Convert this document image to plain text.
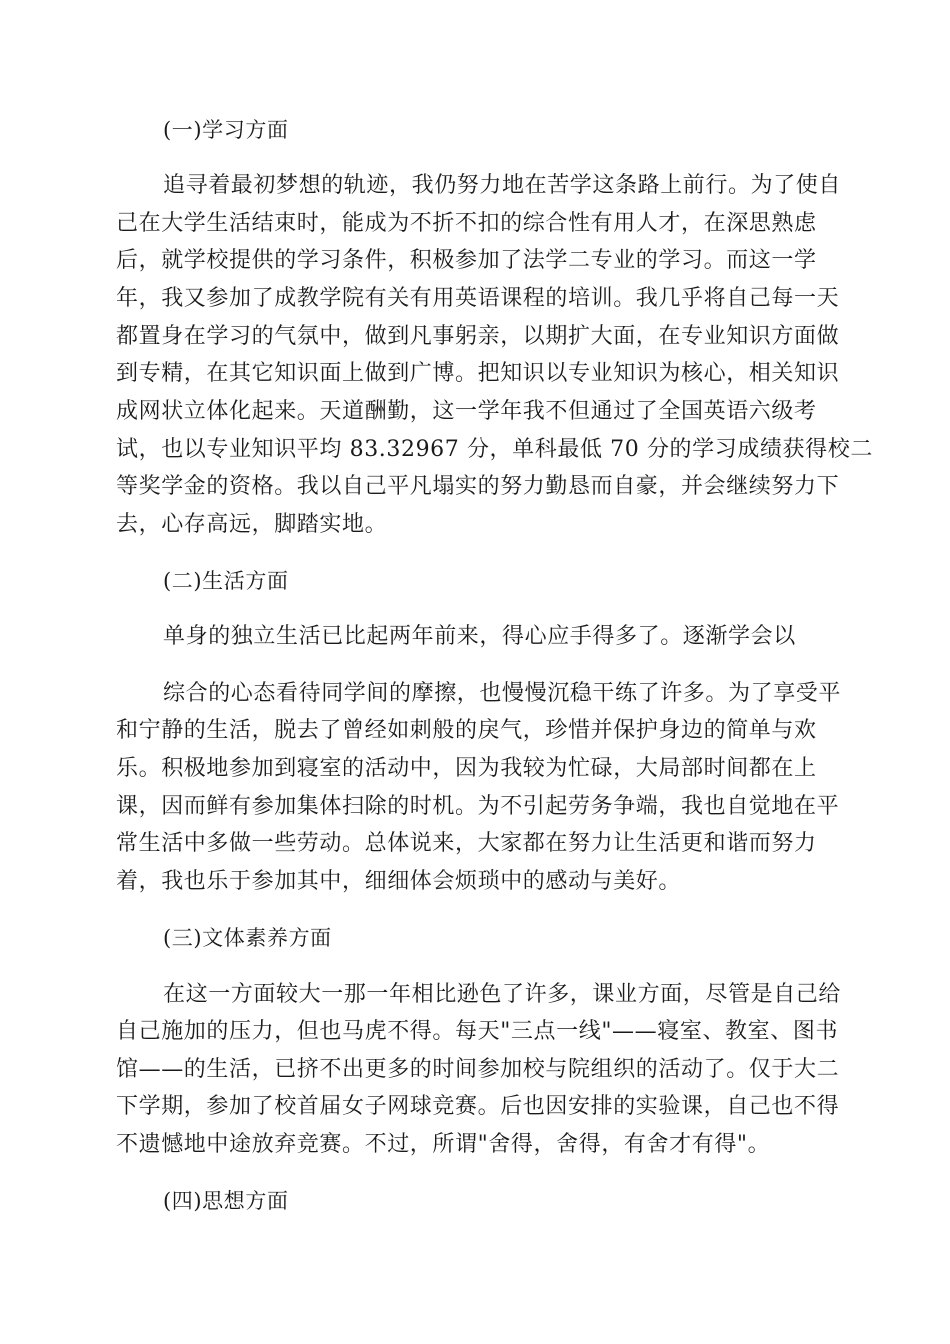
(一)学习方面
追寻着最初梦想的轨迹，我仍努力地在苦学这条路上前行。为了使自
己在大学生活结束时，能成为不折不扣的综合性有用人才，在深思熟虑
后，就学校提供的学习条件，积极参加了法学二专业的学习。而这一学
年，我又参加了成教学院有关有用英语课程的培训。我几乎将自己每一天
都置身在学习的气氛中，做到凡事躬亲，以期扩大面，在专业知识方面做
到专精，在其它知识面上做到广博。把知识以专业知识为核心，相关知识
成网状立体化起来。天道酬勤，这一学年我不但通过了全国英语六级考
试，也以专业知识平均 83.32967 分，单科最低 70 分的学习成绩获得校二
等奖学金的资格。我以自己平凡塌实的努力勤恳而自豪，并会继续努力下
去，心存高远，脚踏实地。
(二)生活方面
单身的独立生活已比起两年前来，得心应手得多了。逐渐学会以
综合的心态看待同学间的摩擦，也慢慢沉稳干练了许多。为了享受平
和宁静的生活，脱去了曾经如刺般的戾气，珍惜并保护身边的简单与欢
乐。积极地参加到寝室的活动中，因为我较为忙碌，大局部时间都在上
课，因而鲜有参加集体扫除的时机。为不引起劳务争端，我也自觉地在平
常生活中多做一些劳动。总体说来，大家都在努力让生活更和谐而努力
着，我也乐于参加其中，细细体会烦琐中的感动与美好。
(三)文体素养方面
在这一方面较大一那一年相比逊色了许多，课业方面，尽管是自己给
自己施加的压力，但也马虎不得。每天"三点一线"——寝室、教室、图书
馆——的生活，已挤不出更多的时间参加校与院组织的活动了。仅于大二
下学期，参加了校首届女子网球竞赛。后也因安排的实验课，自己也不得
不遗憾地中途放弃竞赛。不过，所谓"舍得，舍得，有舍才有得"。
(四)思想方面
